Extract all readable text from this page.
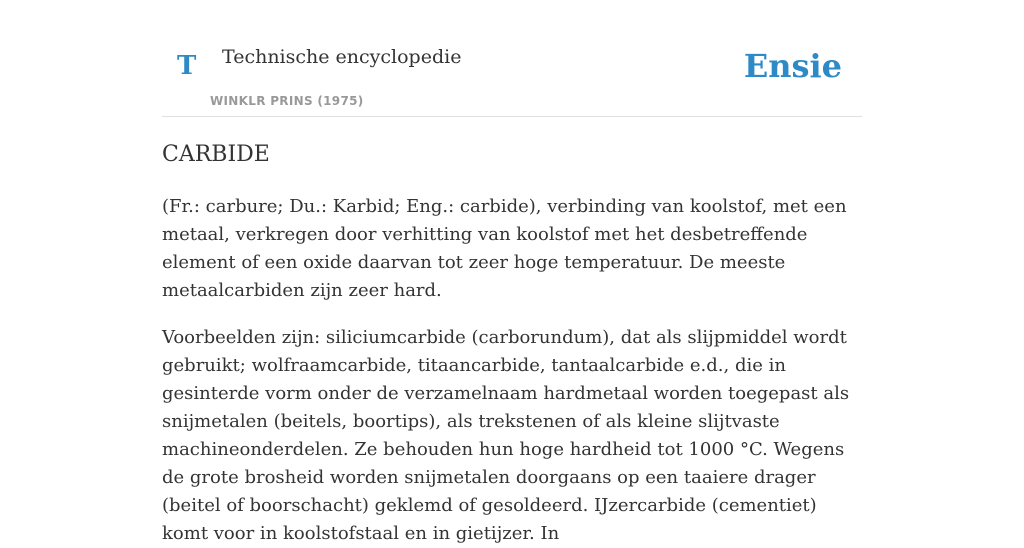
T Technische encyclopedie
WINKLR PRINS (1975)
Ensie
CARBIDE

(Fr.: carbure; Du.: Karbid; Eng.: carbide), verbinding van koolstof, met een metaal, verkregen door verhitting van koolstof met het desbetreffende element of een oxide daarvan tot zeer hoge temperatuur. De meeste metaalcarbiden zijn zeer hard.

Voorbeelden zijn: siliciumcarbide (carborundum), dat als slijpmiddel wordt gebruikt; wolfraamcarbide, titaancarbide, tantaalcarbide e.d., die in gesinterde vorm onder de verzamelnaam hardmetaal worden toegepast als snijmetalen (beitels, boortips), als trekstenen of als kleine slijtvaste machineonderdelen. Ze behouden hun hoge hardheid tot 1000 °C. Wegens de grote brosheid worden snijmetalen doorgaans op een taaiere drager (beitel of boorschacht) geklemd of gesoldeerd. IJzercarbide (cementiet) komt voor in koolstofstaal en in gietijzer. In
